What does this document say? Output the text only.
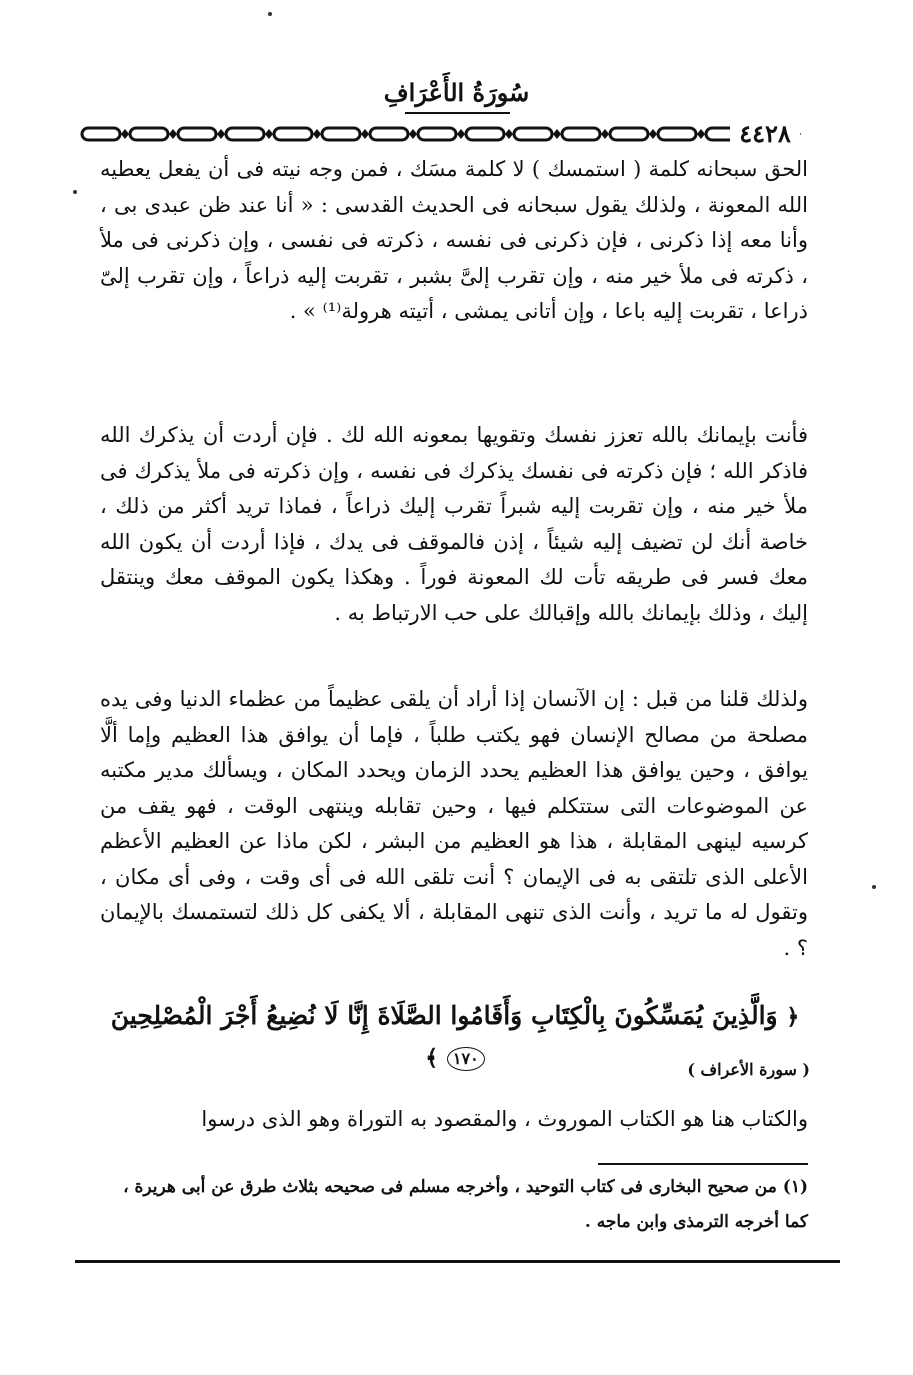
سُورَةُ الأَعْرَافِ
٤٤٢٨

الحق سبحانه كلمة ( استمسك ) لا كلمة مسَك ، فمن وجه نيته فى أن يفعل يعطيه الله المعونة ، ولذلك يقول سبحانه فى الحديث القدسى : « أنا عند ظن عبدى بى ، وأنا معه إذا ذكرنى ، فإن ذكرنى فى نفسه ، ذكرته فى نفسى ، وإن ذكرنى فى ملأ ، ذكرته فى ملأ خير منه ، وإن تقرب إلىَّ بشبر ، تقربت إليه ذراعاً ، وإن تقرب إلىّ ذراعا ، تقربت إليه باعا ، وإن أتانى يمشى ، أتيته هرولة⁽¹⁾ » .

فأنت بإيمانك بالله تعزز نفسك وتقويها بمعونه الله لك . فإن أردت أن يذكرك الله فاذكر الله ؛ فإن ذكرته فى نفسك يذكرك فى نفسه ، وإن ذكرته فى ملأ يذكرك فى ملأ خير منه ، وإن تقربت إليه شبراً تقرب إليك ذراعاً ، فماذا تريد أكثر من ذلك ، خاصة أنك لن تضيف إليه شيئاً ، إذن فالموقف فى يدك ، فإذا أردت أن يكون الله معك فسر فى طريقه تأت لك المعونة فوراً . وهكذا يكون الموقف معك وينتقل إليك ، وذلك بإيمانك بالله وإقبالك على حب الارتباط به .

ولذلك قلنا من قبل : إن الآنسان إذا أراد أن يلقى عظيماً من عظماء الدنيا وفى يده مصلحة من مصالح الإنسان فهو يكتب طلباً ، فإما أن يوافق هذا العظيم وإما ألَّا يوافق ، وحين يوافق هذا العظيم يحدد الزمان ويحدد المكان ، ويسألك مدير مكتبه عن الموضوعات التى ستتكلم فيها ، وحين تقابله وينتهى الوقت ، فهو يقف من كرسيه لينهى المقابلة ، هذا هو العظيم من البشر ، لكن ماذا عن العظيم الأعظم الأعلى الذى تلتقى به فى الإيمان ؟ أنت تلقى الله فى أى وقت ، وفى أى مكان ، وتقول له ما تريد ، وأنت الذى تنهى المقابلة ، ألا يكفى كل ذلك لتستمسك بالإيمان ؟ .

﴿ وَالَّذِينَ يُمَسِّكُونَ بِالْكِتَابِ وَأَقَامُوا الصَّلَاةَ إِنَّا لَا نُضِيعُ أَجْرَ الْمُصْلِحِينَ ١٧٠ ﴾	( سورة الأعراف )

والكتاب هنا هو الكتاب الموروث ، والمقصود به التوراة وهو الذى درسوا

(١) من صحيح البخارى فى كتاب التوحيد ، وأخرجه مسلم فى صحيحه بثلاث طرق عن أبى هريرة ،

كما أخرجه الترمذى وابن ماجه .
